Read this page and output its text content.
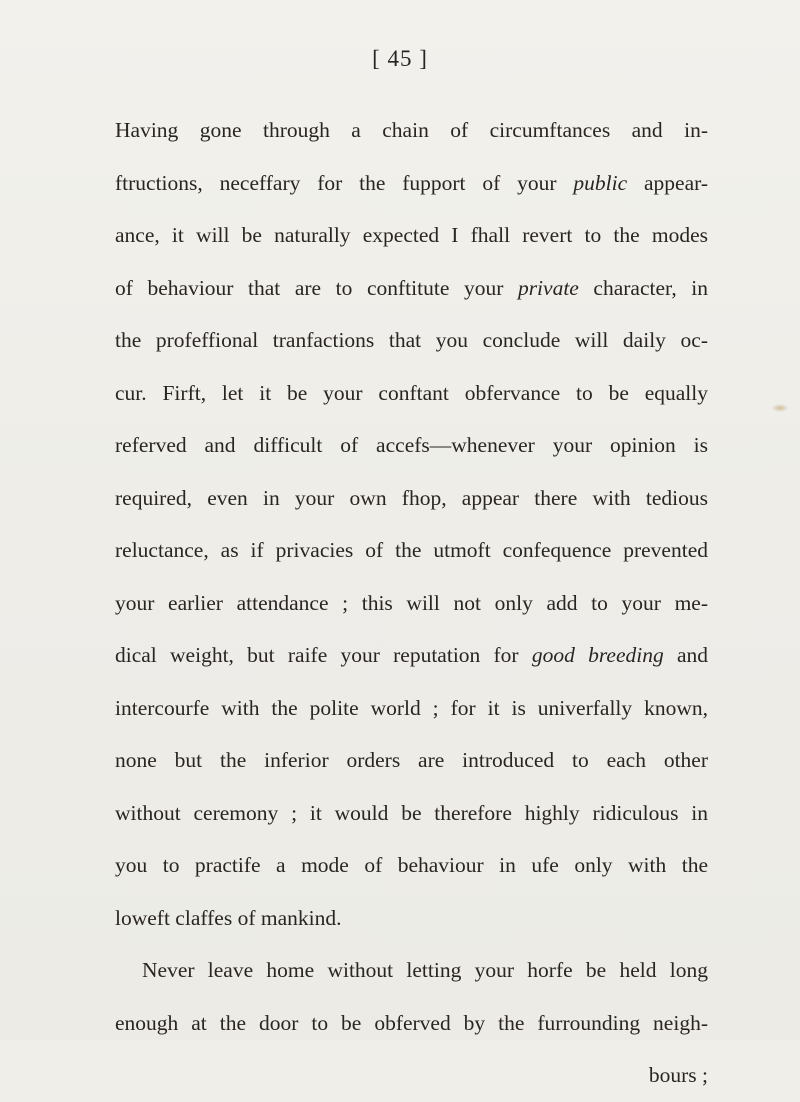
[ 45 ]
Having gone through a chain of circumftances and in-
ftructions, neceffary for the fupport of your public appear-
ance, it will be naturally expected I fhall revert to the modes
of behaviour that are to conftitute your private character, in
the profeffional tranfactions that you conclude will daily oc-
cur. Firft, let it be your conftant obfervance to be equally
referved and difficult of accefs—whenever your opinion is
required, even in your own fhop, appear there with tedious
reluctance, as if privacies of the utmoft confequence prevented
your earlier attendance ; this will not only add to your me-
dical weight, but raife your reputation for good breeding and
intercourfe with the polite world ; for it is univerfally known,
none but the inferior orders are introduced to each other
without ceremony ; it would be therefore highly ridiculous in
you to practife a mode of behaviour in ufe only with the
loweft claffes of mankind.
Never leave home without letting your horfe be held long
enough at the door to be obferved by the furrounding neigh-
bours ;
